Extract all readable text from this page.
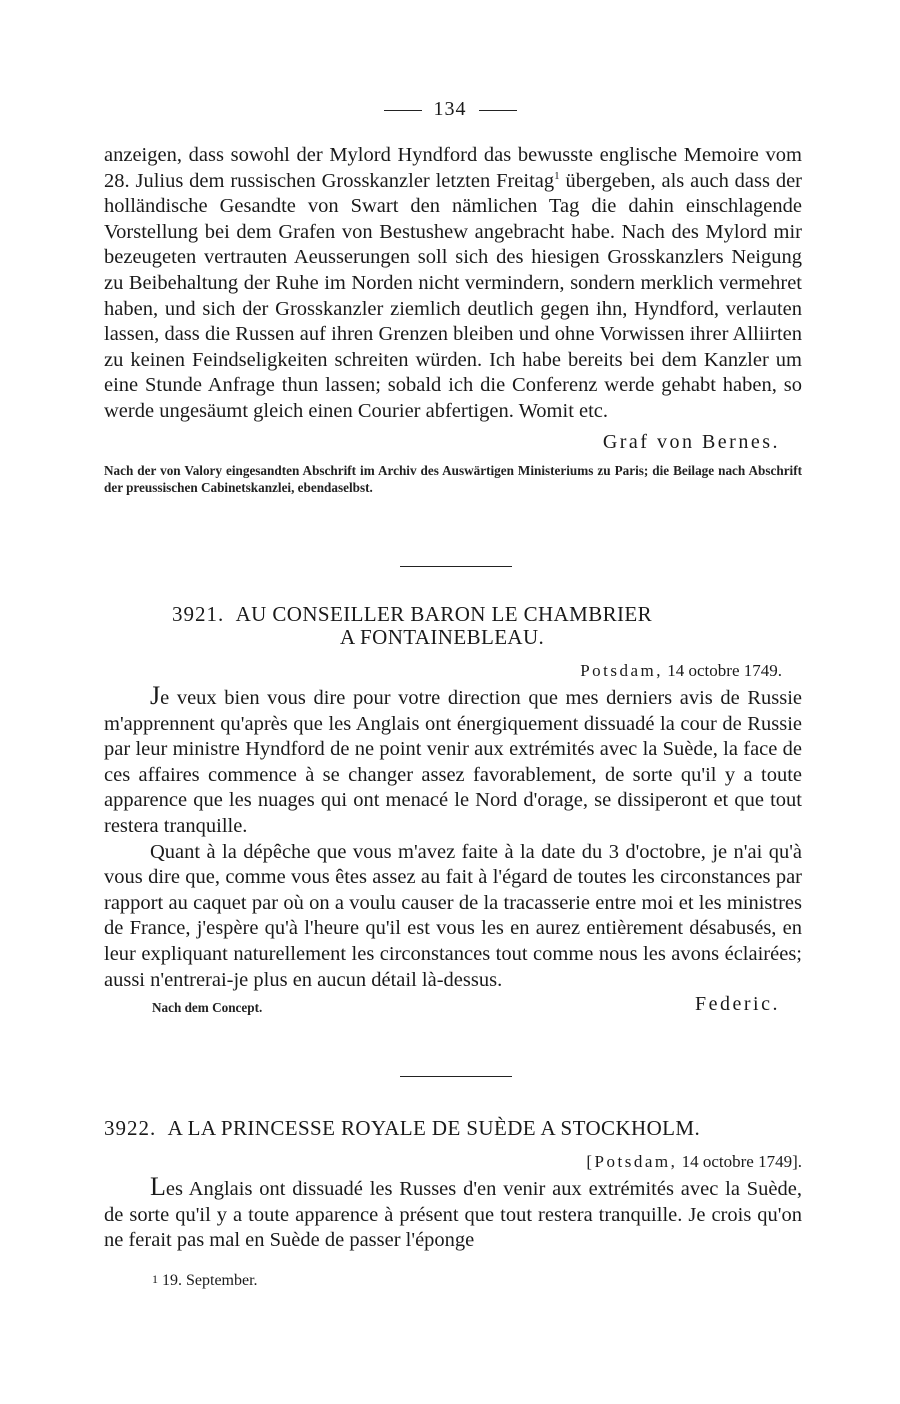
134

anzeigen, dass sowohl der Mylord Hyndford das bewusste englische Memoire vom 28. Julius dem russischen Grosskanzler letzten Freitag$^1$ übergeben, als auch dass der holländische Gesandte von Swart den nämlichen Tag die dahin einschlagende Vorstellung bei dem Grafen von Bestushew angebracht habe. Nach des Mylord mir bezeugeten vertrauten Aeusserungen soll sich des hiesigen Grosskanzlers Neigung zu Beibehaltung der Ruhe im Norden nicht vermindern, sondern merklich vermehret haben, und sich der Grosskanzler ziemlich deutlich gegen ihn, Hyndford, verlauten lassen, dass die Russen auf ihren Grenzen bleiben und ohne Vorwissen ihrer Alliirten zu keinen Feindseligkeiten schreiten würden. Ich habe bereits bei dem Kanzler um eine Stunde Anfrage thun lassen; sobald ich die Conferenz werde gehabt haben, so werde ungesäumt gleich einen Courier abfertigen. Womit etc.

Graf von Bernes.

Nach der von Valory eingesandten Abschrift im Archiv des Auswärtigen Ministeriums zu Paris; die Beilage nach Abschrift der preussischen Cabinetskanzlei, ebendaselbst.

3921. AU CONSEILLER BARON LE CHAMBRIER

A FONTAINEBLEAU.

Potsdam, 14 octobre 1749.

Je veux bien vous dire pour votre direction que mes derniers avis de Russie m'apprennent qu'après que les Anglais ont énergiquement dissuadé la cour de Russie par leur ministre Hyndford de ne point venir aux extrémités avec la Suède, la face de ces affaires commence à se changer assez favorablement, de sorte qu'il y a toute apparence que les nuages qui ont menacé le Nord d'orage, se dissiperont et que tout restera tranquille.

Quant à la dépêche que vous m'avez faite à la date du 3 d'octobre, je n'ai qu'à vous dire que, comme vous êtes assez au fait à l'égard de toutes les circonstances par rapport au caquet par où on a voulu causer de la tracasserie entre moi et les ministres de France, j'espère qu'à l'heure qu'il est vous les en aurez entièrement désabusés, en leur expliquant naturellement les circonstances tout comme nous les avons éclairées; aussi n'entrerai-je plus en aucun détail là-dessus.

Nach dem Concept.	Federic.

3922. A LA PRINCESSE ROYALE DE SUÈDE A STOCKHOLM.

[Potsdam, 14 octobre 1749].

Les Anglais ont dissuadé les Russes d'en venir aux extrémités avec la Suède, de sorte qu'il y a toute apparence à présent que tout restera tranquille. Je crois qu'on ne ferait pas mal en Suède de passer l'éponge

$^1$ 19. September.
